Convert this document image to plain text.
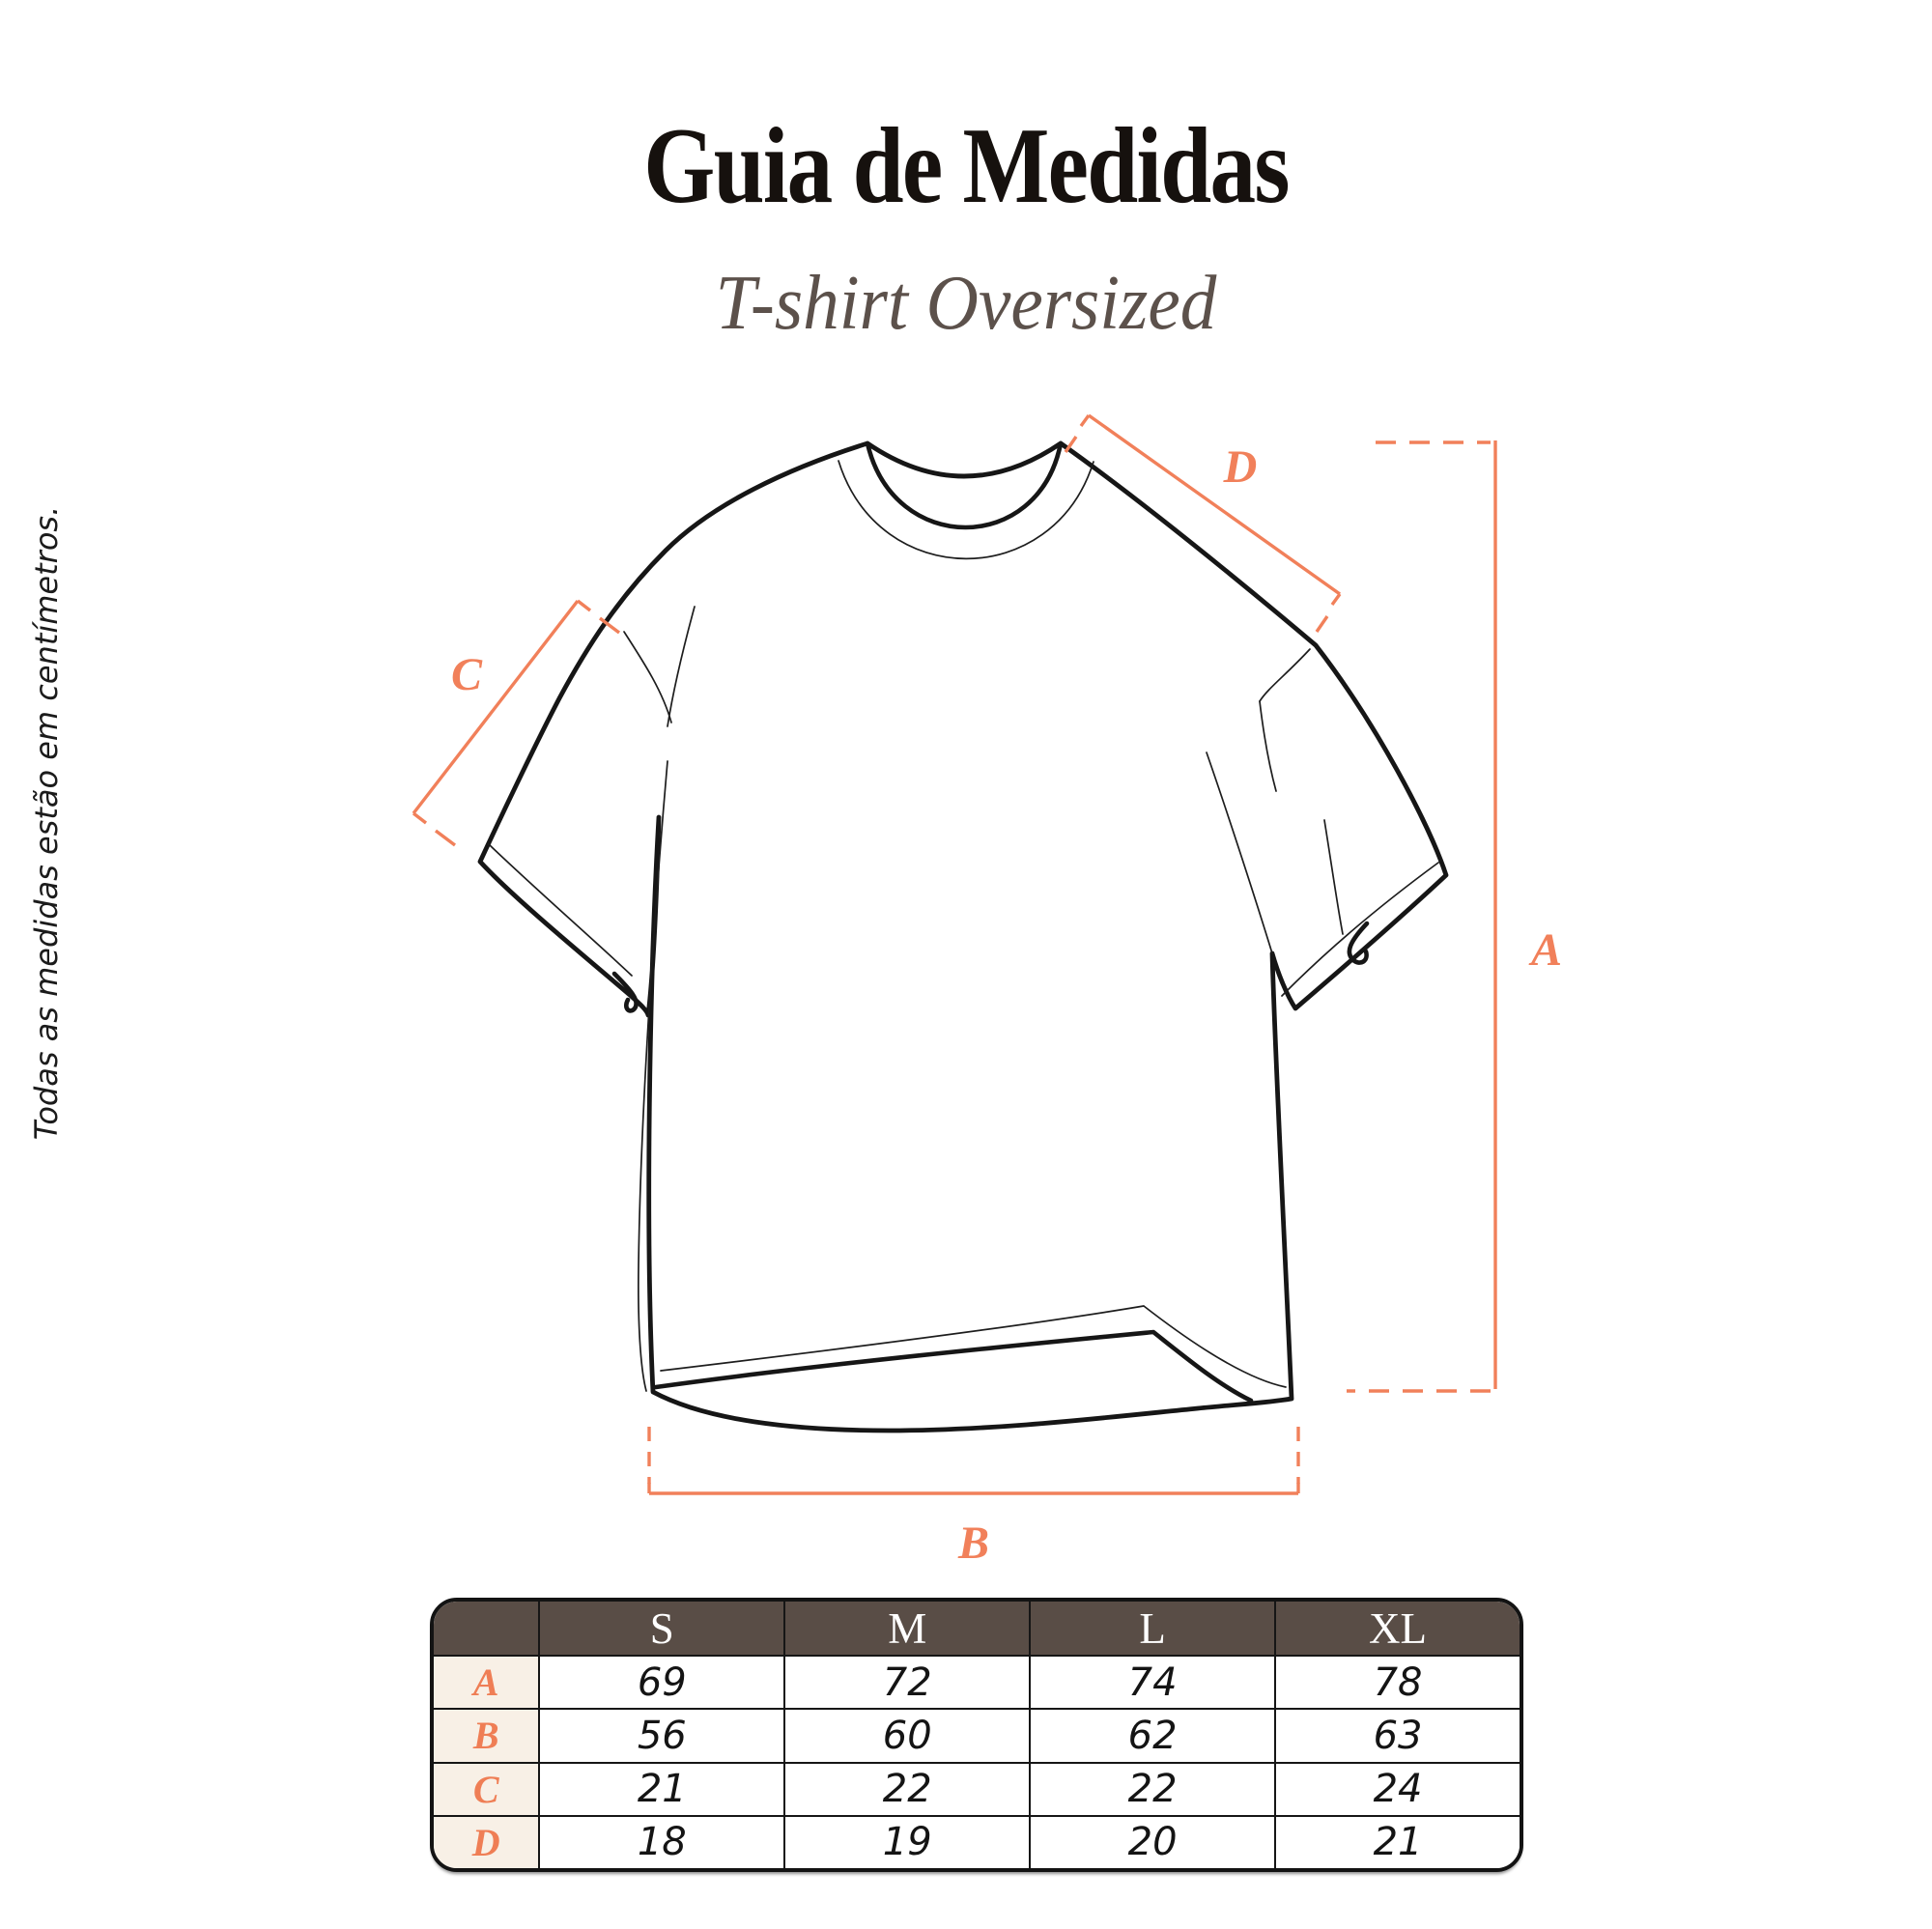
Guia de Medidas
T-shirt Oversized
Todas as medidas estão em centímetros.	A
B
C
D
	S	M	L	XL
A	69	72	74	78
B	56	60	62	63
C	21	22	22	24
D	18	19	20	21
